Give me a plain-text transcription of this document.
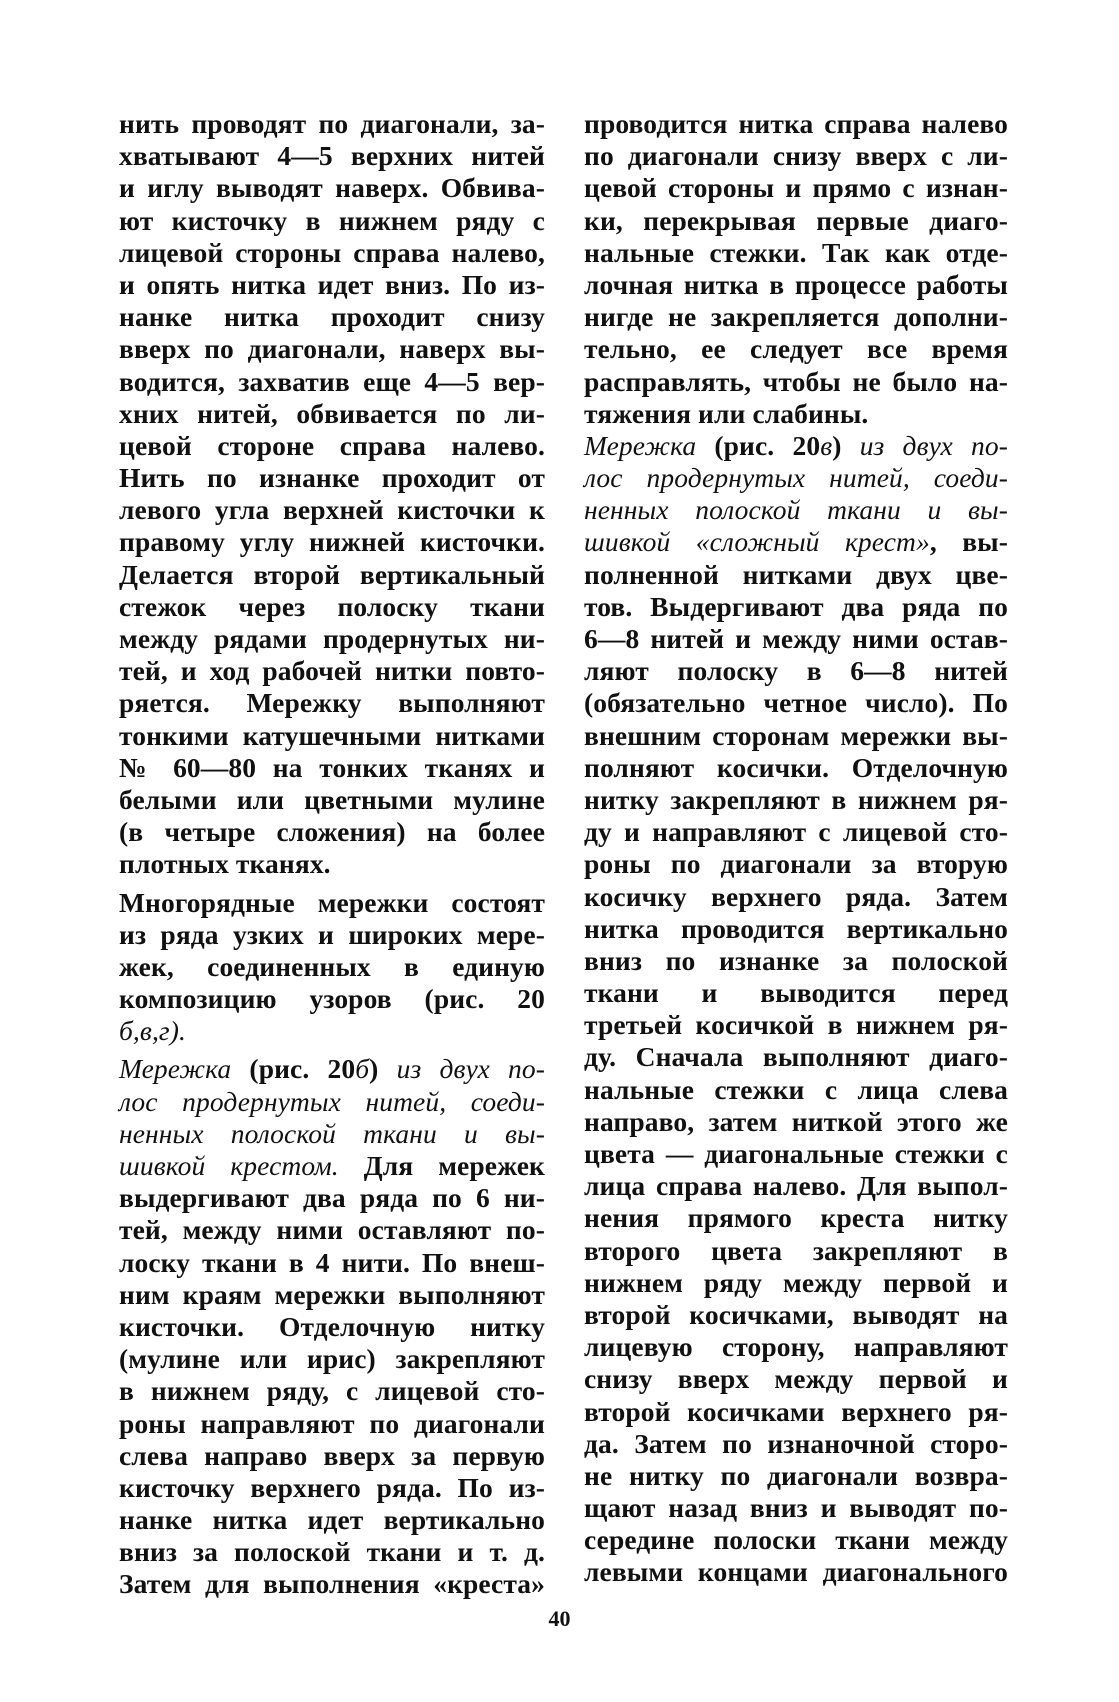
нить проводят по диагонали, за-
хватывают 4—5 верхних нитей
и иглу выводят наверх. Обвива-
ют кисточку в нижнем ряду с
лицевой стороны справа налево,
и опять нитка идет вниз. По из-
нанке нитка проходит снизу
вверх по диагонали, наверх вы-
водится, захватив еще 4—5 вер-
хних нитей, обвивается по ли-
цевой стороне справа налево.
Нить по изнанке проходит от
левого угла верхней кисточки к
правому углу нижней кисточки.
Делается второй вертикальный
стежок через полоску ткани
между рядами продернутых ни-
тей, и ход рабочей нитки повто-
ряется. Мережку выполняют
тонкими катушечными нитками
№ 60—80 на тонких тканях и
белыми или цветными мулине
(в четыре сложения) на более
плотных тканях.
Многорядные мережки состоят
из ряда узких и широких мере-
жек, соединенных в единую
композицию узоров (рис. 20
б,в,г).
Мережка (рис. 20б) из двух по-
лос продернутых нитей, соеди-
ненных полоской ткани и вы-
шивкой крестом. Для мережек
выдергивают два ряда по 6 ни-
тей, между ними оставляют по-
лоску ткани в 4 нити. По внеш-
ним краям мережки выполняют
кисточки. Отделочную нитку
(мулине или ирис) закрепляют
в нижнем ряду, с лицевой сто-
роны направляют по диагонали
слева направо вверх за первую
кисточку верхнего ряда. По из-
нанке нитка идет вертикально
вниз за полоской ткани и т. д.
Затем для выполнения «креста»
проводится нитка справа налево
по диагонали снизу вверх с ли-
цевой стороны и прямо с изнан-
ки, перекрывая первые диаго-
нальные стежки. Так как отде-
лочная нитка в процессе работы
нигде не закрепляется дополни-
тельно, ее следует все время
расправлять, чтобы не было на-
тяжения или слабины.
Мережка (рис. 20в) из двух по-
лос продернутых нитей, соеди-
ненных полоской ткани и вы-
шивкой «сложный крест», вы-
полненной нитками двух цве-
тов. Выдергивают два ряда по
6—8 нитей и между ними остав-
ляют полоску в 6—8 нитей
(обязательно четное число). По
внешним сторонам мережки вы-
полняют косички. Отделочную
нитку закрепляют в нижнем ря-
ду и направляют с лицевой сто-
роны по диагонали за вторую
косичку верхнего ряда. Затем
нитка проводится вертикально
вниз по изнанке за полоской
ткани и выводится перед
третьей косичкой в нижнем ря-
ду. Сначала выполняют диаго-
нальные стежки с лица слева
направо, затем ниткой этого же
цвета — диагональные стежки с
лица справа налево. Для выпол-
нения прямого креста нитку
второго цвета закрепляют в
нижнем ряду между первой и
второй косичками, выводят на
лицевую сторону, направляют
снизу вверх между первой и
второй косичками верхнего ря-
да. Затем по изнаночной сторо-
не нитку по диагонали возвра-
щают назад вниз и выводят по-
середине полоски ткани между
левыми концами диагонального
40
